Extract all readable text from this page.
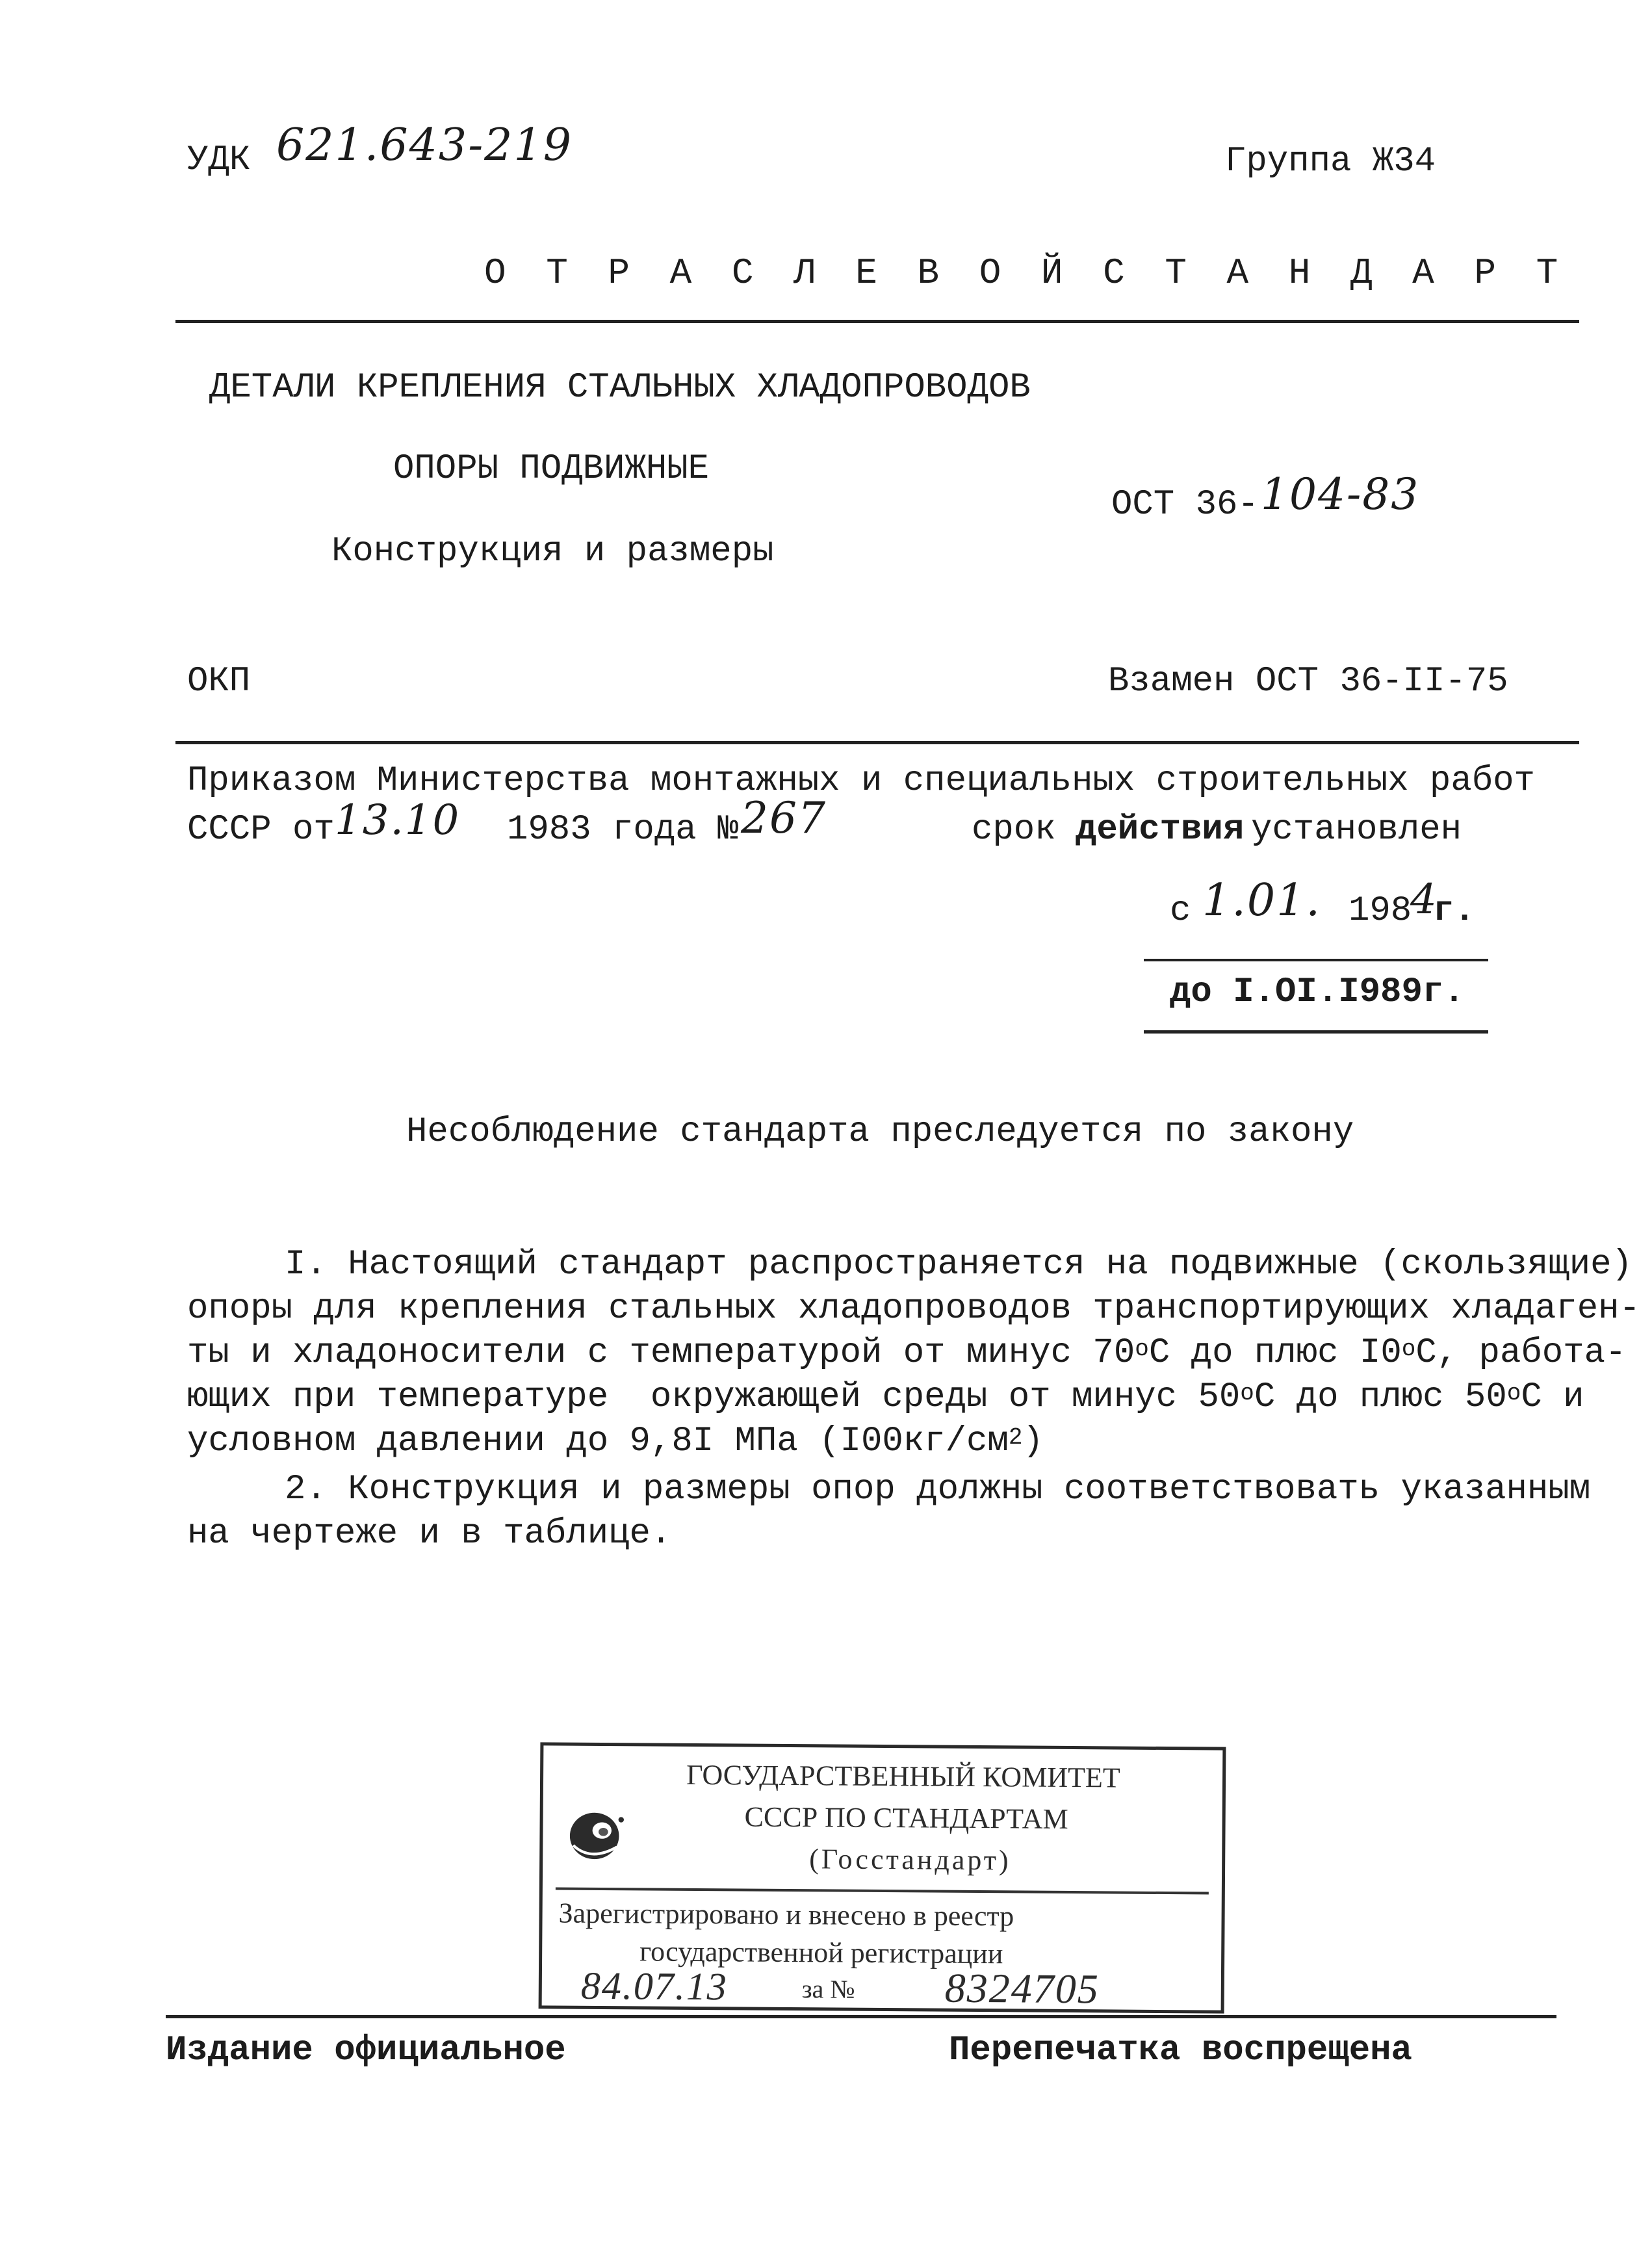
УДК 621.643-219	Группа Ж34
О Т Р А С Л Е В О Й С Т А Н Д А Р Т
ДЕТАЛИ КРЕПЛЕНИЯ СТАЛЬНЫХ ХЛАДОПРОВОДОВ
ОПОРЫ ПОДВИЖНЫЕ
Конструкция и размеры
ОСТ 36- 104-83
ОКП	Взамен ОСТ 36-II-75
Приказом Министерства монтажных и специальных строительных работ
СССР от 13.10 1983 года № 267	срок действия установлен
с 1.01. 198
4
г.
до I.OI.I989г.
Несоблюдение стандарта преследуется по закону
I. Настоящий стандарт распространяется на подвижные (скользящие)
опоры для крепления стальных хладопроводов транспортирующих хладаген-
ты и хладоносители с температурой от минус $70^оС$ до плюс $I0^оС$, работа-
ющих при температуре  окружающей среды от минус $50^оС$ до плюс $50^оС$ и
условном давлении до 9,8I МПа $(I00кг/см^2)$
2. Конструкция и размеры опор должны соответствовать указанным
на чертеже и в таблице.
ГОСУДАРСТВЕННЫЙ КОМИТЕТ
СССР ПО СТАНДАРТАМ
(Госстандарт)
Зарегистрировано и внесено в реестр
государственной регистрации
84.07.13	за № 8324705
Издание официальное	Перепечатка воспрещена
